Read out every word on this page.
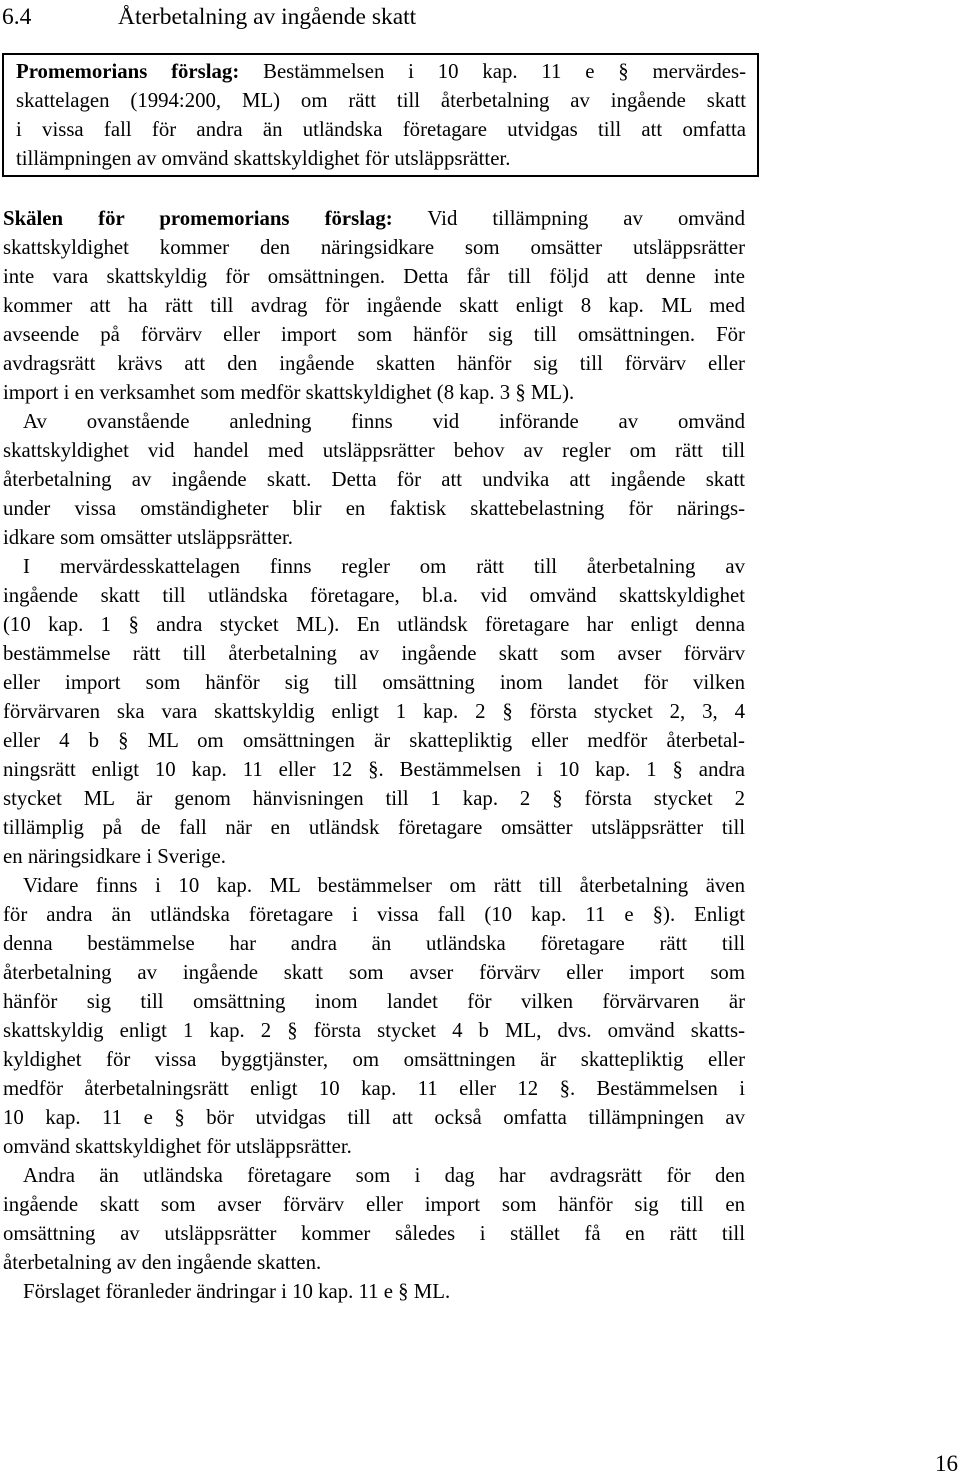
6.4	Återbetalning av ingående skatt
Promemorians förslag: Bestämmelsen i 10 kap. 11 e § mervärdes-
skattelagen (1994:200, ML) om rätt till återbetalning av ingående skatt
i vissa fall för andra än utländska företagare utvidgas till att omfatta
tillämpningen av omvänd skattskyldighet för utsläppsrätter.
Skälen för promemorians förslag: Vid tillämpning av omvänd
skattskyldighet kommer den näringsidkare som omsätter utsläppsrätter
inte vara skattskyldig för omsättningen. Detta får till följd att denne inte
kommer att ha rätt till avdrag för ingående skatt enligt 8 kap. ML med
avseende på förvärv eller import som hänför sig till omsättningen. För
avdragsrätt krävs att den ingående skatten hänför sig till förvärv eller
import i en verksamhet som medför skattskyldighet (8 kap. 3 § ML).
Av ovanstående anledning finns vid införande av omvänd
skattskyldighet vid handel med utsläppsrätter behov av regler om rätt till
återbetalning av ingående skatt. Detta för att undvika att ingående skatt
under vissa omständigheter blir en faktisk skattebelastning för närings-
idkare som omsätter utsläppsrätter.
I mervärdesskattelagen finns regler om rätt till återbetalning av
ingående skatt till utländska företagare, bl.a. vid omvänd skattskyldighet
(10 kap. 1 § andra stycket ML). En utländsk företagare har enligt denna
bestämmelse rätt till återbetalning av ingående skatt som avser förvärv
eller import som hänför sig till omsättning inom landet för vilken
förvärvaren ska vara skattskyldig enligt 1 kap. 2 § första stycket 2, 3, 4
eller 4 b § ML om omsättningen är skattepliktig eller medför återbetal-
ningsrätt enligt 10 kap. 11 eller 12 §. Bestämmelsen i 10 kap. 1 § andra
stycket ML är genom hänvisningen till 1 kap. 2 § första stycket 2
tillämplig på de fall när en utländsk företagare omsätter utsläppsrätter till
en näringsidkare i Sverige.
Vidare finns i 10 kap. ML bestämmelser om rätt till återbetalning även
för andra än utländska företagare i vissa fall (10 kap. 11 e §). Enligt
denna bestämmelse har andra än utländska företagare rätt till
återbetalning av ingående skatt som avser förvärv eller import som
hänför sig till omsättning inom landet för vilken förvärvaren är
skattskyldig enligt 1 kap. 2 § första stycket 4 b ML, dvs. omvänd skatts-
kyldighet för vissa byggtjänster, om omsättningen är skattepliktig eller
medför återbetalningsrätt enligt 10 kap. 11 eller 12 §. Bestämmelsen i
10 kap. 11 e § bör utvidgas till att också omfatta tillämpningen av
omvänd skattskyldighet för utsläppsrätter.
Andra än utländska företagare som i dag har avdragsrätt för den
ingående skatt som avser förvärv eller import som hänför sig till en
omsättning av utsläppsrätter kommer således i stället få en rätt till
återbetalning av den ingående skatten.
Förslaget föranleder ändringar i 10 kap. 11 e § ML.
16
